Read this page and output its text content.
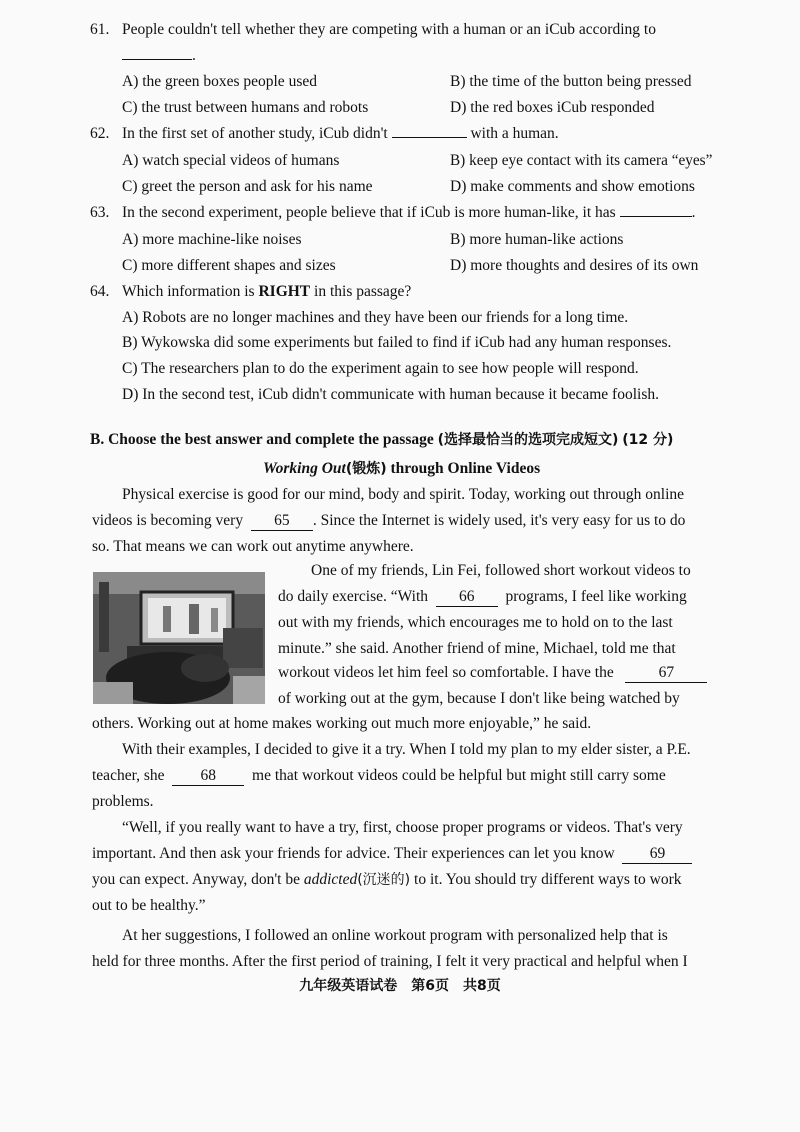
61. People couldn't tell whether they are competing with a human or an iCub according to
.
A) the green boxes people used	B) the time of the button being pressed
C) the trust between humans and robots	D) the red boxes iCub responded
62. In the first set of another study, iCub didn't	with a human.
A) watch special videos of humans	B) keep eye contact with its camera “eyes”
C) greet the person and ask for his name	D) make comments and show emotions
63. In the second experiment, people believe that if iCub is more human-like, it has	.
A) more machine-like noises	B) more human-like actions
C) more different shapes and sizes	D) more thoughts and desires of its own
64. Which information is RIGHT in this passage?
A) Robots are no longer machines and they have been our friends for a long time.
B) Wykowska did some experiments but failed to find if iCub had any human responses.
C) The researchers plan to do the experiment again to see how people will respond.
D) In the second test, iCub didn't communicate with human because it became foolish.
B. Choose the best answer and complete the passage (选择最恰当的选项完成短文) (12 分)
Working Out(锻炼) through Online Videos
Physical exercise is good for our mind, body and spirit. Today, working out through online
videos is becoming very 65 . Since the Internet is widely used, it's very easy for us to do
so. That means we can work out anytime anywhere.
One of my friends, Lin Fei, followed short workout videos to
do daily exercise. “With 66 programs, I feel like working
out with my friends, which encourages me to hold on to the last
minute.” she said. Another friend of mine, Michael, told me that
workout videos let him feel so comfortable. I have the	67
of working out at the gym, because I don't like being watched by
others. Working out at home makes working out much more enjoyable,” he said.
With their examples, I decided to give it a try. When I told my plan to my elder sister, a P.E.
teacher, she 68 me that workout videos could be helpful but might still carry some
problems.
“Well, if you really want to have a try, first, choose proper programs or videos. That's very
important. And then ask your friends for advice. Their experiences can let you know 69
you can expect. Anyway, don't be addicted(沉迷的) to it. You should try different ways to work
out to be healthy.”
At her suggestions, I followed an online workout program with personalized help that is
held for three months. After the first period of training, I felt it very practical and helpful when I
九年级英语试卷　第6页　共8页
